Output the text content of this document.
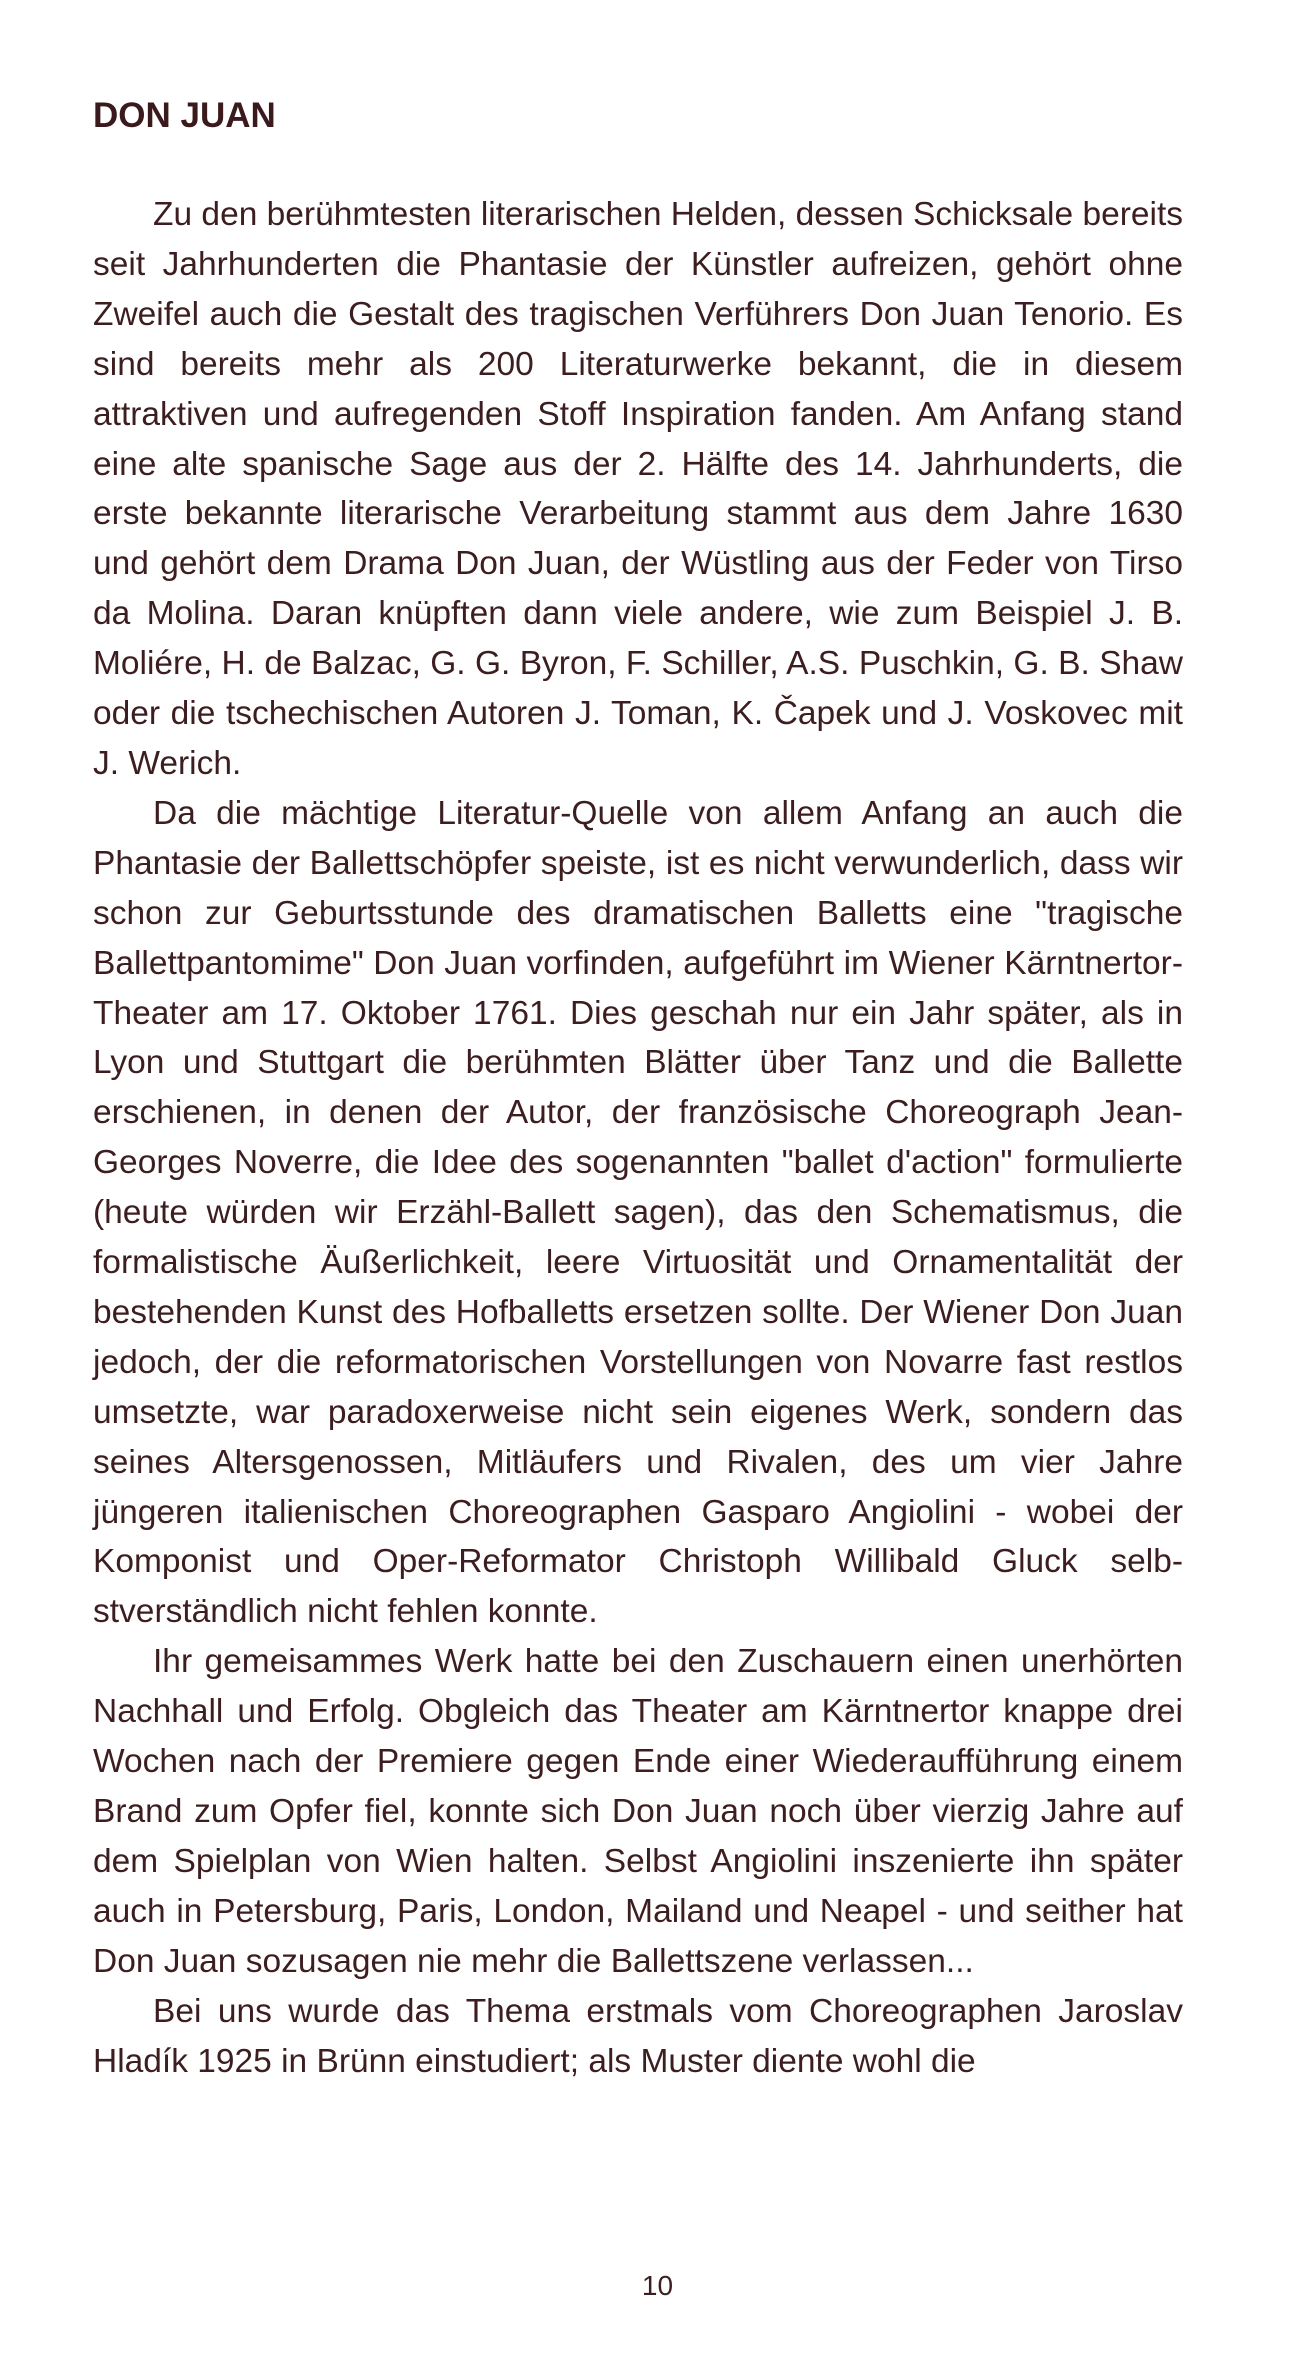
DON JUAN

Zu den berühmtesten literarischen Helden, dessen Schicksale bereits seit Jahrhunderten die Phantasie der Künstler aufreizen, gehört ohne Zweifel auch die Gestalt des tragischen Verführers Don Juan Tenorio. Es sind bereits mehr als 200 Literaturwerke bekannt, die in diesem attraktiven und aufregenden Stoff Inspiration fanden. Am Anfang stand eine alte spanische Sage aus der 2. Hälfte des 14. Jahrhunderts, die erste bekannte literarische Verarbeitung stammt aus dem Jahre 1630 und gehört dem Drama Don Juan, der Wüstling aus der Feder von Tirso da Molina. Daran knüpften dann viele andere, wie zum Beispiel J. B. Moliére, H. de Balzac, G. G. Byron, F. Schiller, A.S. Puschkin, G. B. Shaw oder die tschechischen Autoren J. Toman, K. Čapek und J. Voskovec mit J. Werich.

Da die mächtige Literatur-Quelle von allem Anfang an auch die Phantasie der Ballettschöpfer speiste, ist es nicht verwunderlich, dass wir schon zur Geburtsstunde des dramatischen Balletts eine "tragische Ballettpantomime" Don Juan vorfinden, aufgeführt im Wiener Kärntnertor-Theater am 17. Oktober 1761. Dies geschah nur ein Jahr später, als in Lyon und Stuttgart die berühmten Blätter über Tanz und die Ballette erschienen, in denen der Autor, der französische Choreograph Jean-Georges Noverre, die Idee des sogenannten "ballet d'action" formulierte (heute würden wir Erzähl-Ballett sagen), das den Schematismus, die formalistische Äußerlichkeit, leere Virtuosität und Ornamentalität der bestehenden Kunst des Hofballetts ersetzen sollte. Der Wiener Don Juan jedoch, der die reformatorischen Vorstellungen von Novarre fast restlos umsetzte, war paradoxerweise nicht sein eigenes Werk, sondern das seines Altersgenossen, Mitläufers und Rivalen, des um vier Jahre jüngeren italienischen Choreographen Gasparo Angiolini - wobei der Komponist und Oper-Reformator Christoph Willibald Gluck selbstverständlich nicht fehlen konnte.

Ihr gemeisammes Werk hatte bei den Zuschauern einen unerhörten Nachhall und Erfolg. Obgleich das Theater am Kärntnertor knappe drei Wochen nach der Premiere gegen Ende einer Wiederaufführung einem Brand zum Opfer fiel, konnte sich Don Juan noch über vierzig Jahre auf dem Spielplan von Wien halten. Selbst Angiolini inszenierte ihn später auch in Petersburg, Paris, London, Mailand und Neapel - und seither hat Don Juan sozusagen nie mehr die Ballettszene verlassen...

Bei uns wurde das Thema erstmals vom Choreographen Jaroslav Hladík 1925 in Brünn einstudiert; als Muster diente wohl die

10
